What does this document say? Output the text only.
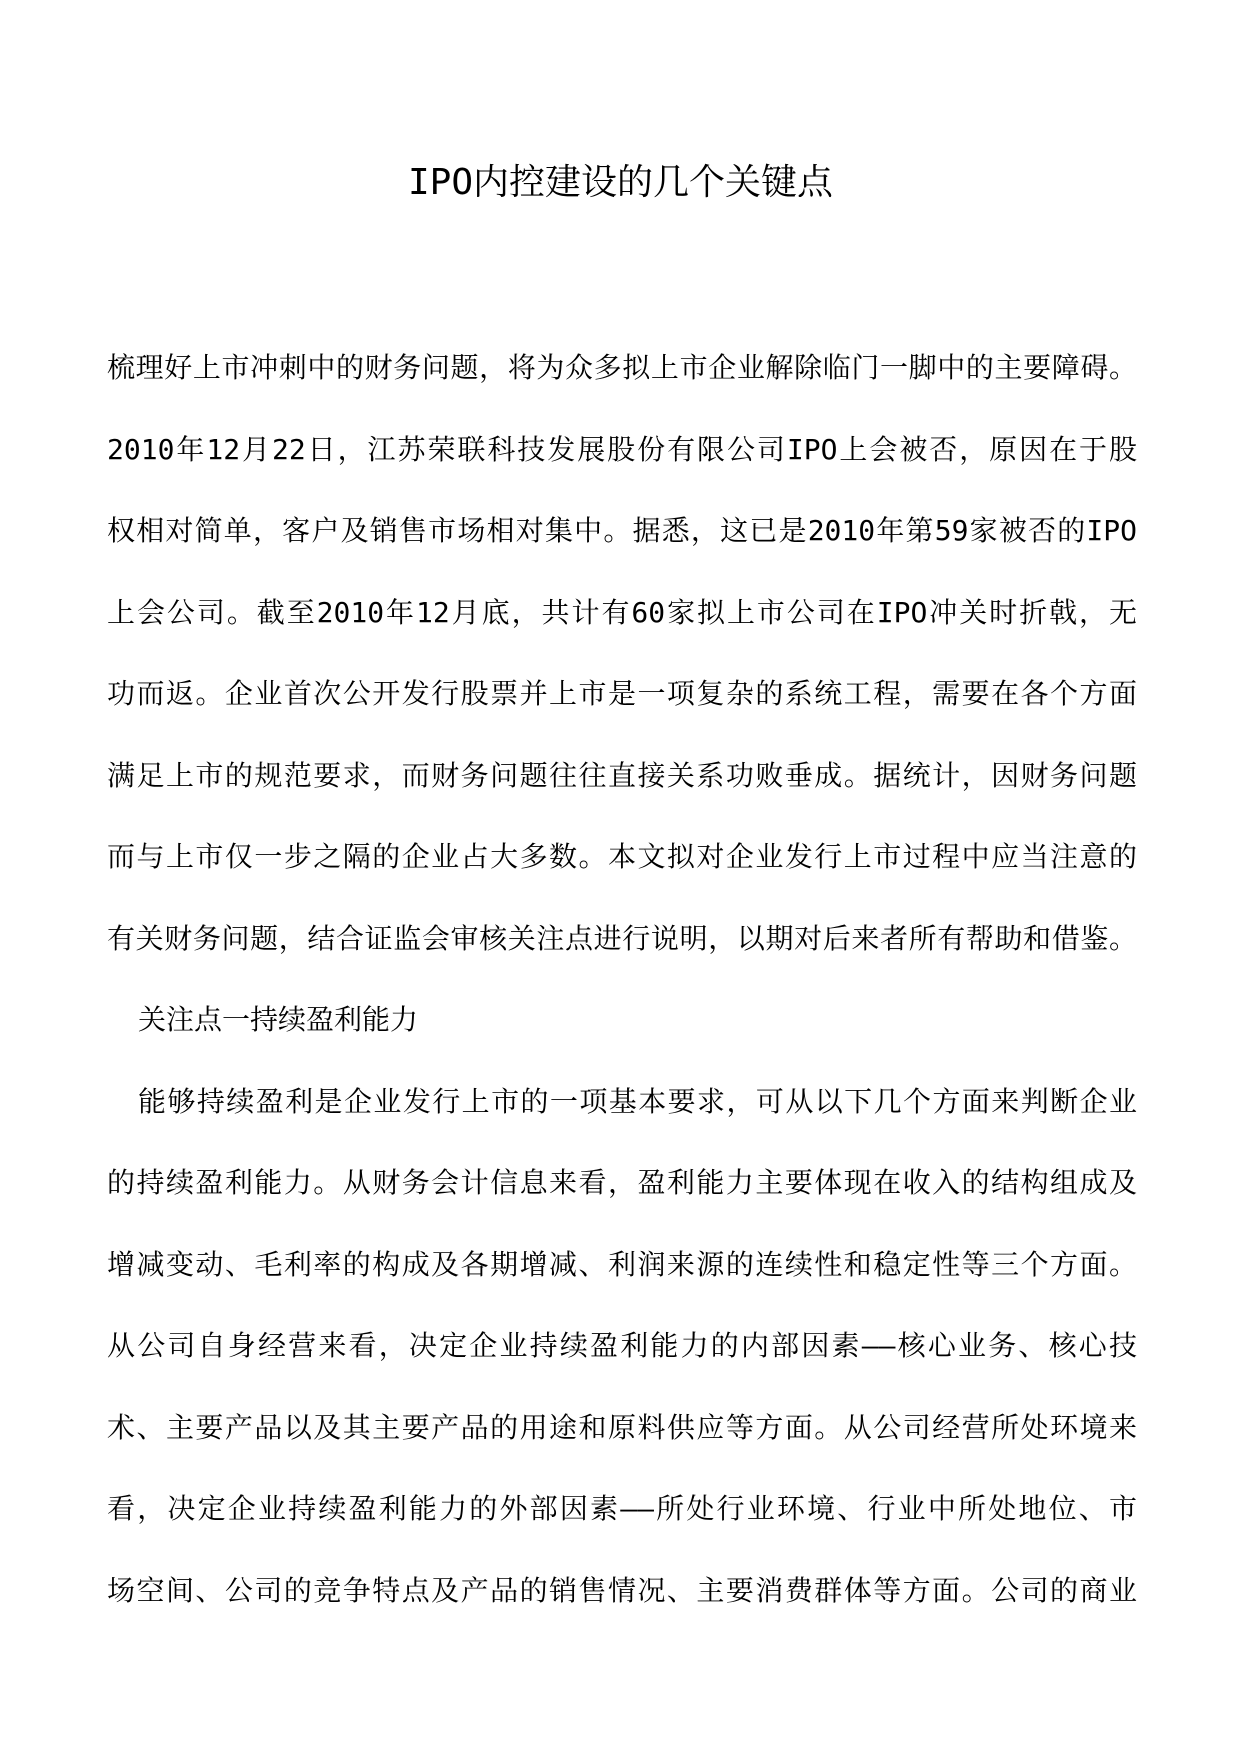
IPO内控建设的几个关键点
梳理好上市冲刺中的财务问题，将为众多拟上市企业解除临门一脚中的主要障碍。
2010年12月22日，江苏荣联科技发展股份有限公司IPO上会被否，原因在于股
权相对简单，客户及销售市场相对集中。据悉，这已是2010年第59家被否的IPO
上会公司。截至2010年12月底，共计有60家拟上市公司在IPO冲关时折戟，无
功而返。企业首次公开发行股票并上市是一项复杂的系统工程，需要在各个方面
满足上市的规范要求，而财务问题往往直接关系功败垂成。据统计，因财务问题
而与上市仅一步之隔的企业占大多数。本文拟对企业发行上市过程中应当注意的
有关财务问题，结合证监会审核关注点进行说明，以期对后来者所有帮助和借鉴。
关注点一持续盈利能力
能够持续盈利是企业发行上市的一项基本要求，可从以下几个方面来判断企业
的持续盈利能力。从财务会计信息来看，盈利能力主要体现在收入的结构组成及
增减变动、毛利率的构成及各期增减、利润来源的连续性和稳定性等三个方面。
从公司自身经营来看，决定企业持续盈利能力的内部因素——核心业务、核心技
术、主要产品以及其主要产品的用途和原料供应等方面。从公司经营所处环境来
看，决定企业持续盈利能力的外部因素——所处行业环境、行业中所处地位、市
场空间、公司的竞争特点及产品的销售情况、主要消费群体等方面。公司的商业
